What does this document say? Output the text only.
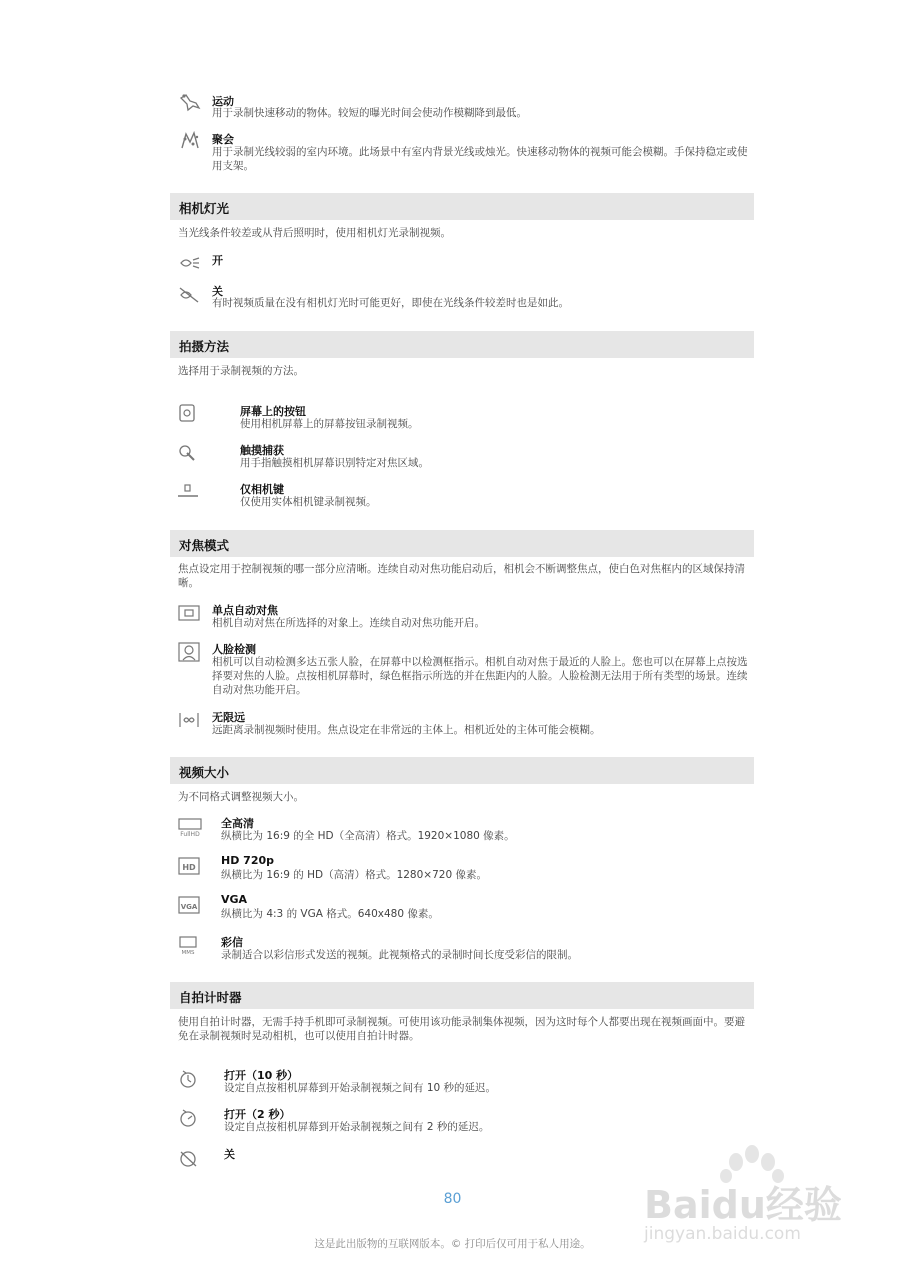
运动
用于录制快速移动的物体。较短的曝光时间会使动作模糊降到最低。
聚会
用于录制光线较弱的室内环境。此场景中有室内背景光线或烛光。快速移动物体的视频可能会模糊。手保持稳定或使用支架。
相机灯光
当光线条件较差或从背后照明时，使用相机灯光录制视频。
开
关
有时视频质量在没有相机灯光时可能更好，即使在光线条件较差时也是如此。
拍摄方法
选择用于录制视频的方法。
屏幕上的按钮
使用相机屏幕上的屏幕按钮录制视频。
触摸捕获
用手指触摸相机屏幕识别特定对焦区域。
仅相机键
仅使用实体相机键录制视频。
对焦模式
焦点设定用于控制视频的哪一部分应清晰。连续自动对焦功能启动后，相机会不断调整焦点，使白色对焦框内的区域保持清晰。
单点自动对焦
相机自动对焦在所选择的对象上。连续自动对焦功能开启。
人脸检测
相机可以自动检测多达五张人脸，在屏幕中以检测框指示。相机自动对焦于最近的人脸上。您也可以在屏幕上点按选择要对焦的人脸。点按相机屏幕时，绿色框指示所选的并在焦距内的人脸。人脸检测无法用于所有类型的场景。连续自动对焦功能开启。
无限远
远距离录制视频时使用。焦点设定在非常远的主体上。相机近处的主体可能会模糊。
视频大小
为不同格式调整视频大小。
FullHD
全高清
纵横比为 16:9 的全 HD（全高清）格式。1920×1080 像素。
HD
HD 720p
纵横比为 16:9 的 HD（高清）格式。1280×720 像素。
VGA
VGA
纵横比为 4:3 的 VGA 格式。640x480 像素。
MMS
彩信
录制适合以彩信形式发送的视频。此视频格式的录制时间长度受彩信的限制。
自拍计时器
使用自拍计时器，无需手持手机即可录制视频。可使用该功能录制集体视频，因为这时每个人都要出现在视频画面中。要避免在录制视频时晃动相机，也可以使用自拍计时器。
打开（10 秒）
设定自点按相机屏幕到开始录制视频之间有 10 秒的延迟。
打开（2 秒）
设定自点按相机屏幕到开始录制视频之间有 2 秒的延迟。
关
80
这是此出版物的互联网版本。© 打印后仅可用于私人用途。
Baidu经验
jingyan.baidu.com
